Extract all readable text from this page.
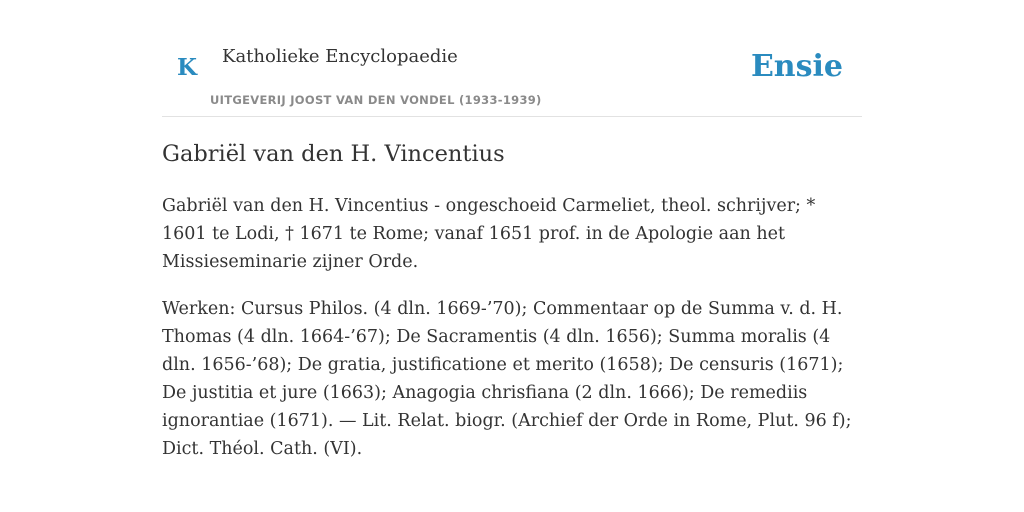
K Katholieke Encyclopaedie
UITGEVERIJ JOOST VAN DEN VONDEL (1933-1939)
Ensie
Gabriël van den H. Vincentius

Gabriël van den H. Vincentius - ongeschoeid Carmeliet, theol. schrijver; * 1601 te Lodi, † 1671 te Rome; vanaf 1651 prof. in de Apologie aan het Missieseminarie zijner Orde.

Werken: Cursus Philos. (4 dln. 1669-’70); Commentaar op de Summa v. d. H. Thomas (4 dln. 1664-’67); De Sacramentis (4 dln. 1656); Summa moralis (4 dln. 1656-’68); De gratia, justificatione et merito (1658); De censuris (1671); De justitia et jure (1663); Anagogia chrisfiana (2 dln. 1666); De remediis ignorantiae (1671). — Lit. Relat. biogr. (Archief der Orde in Rome, Plut. 96 f); Dict. Théol. Cath. (VI).
